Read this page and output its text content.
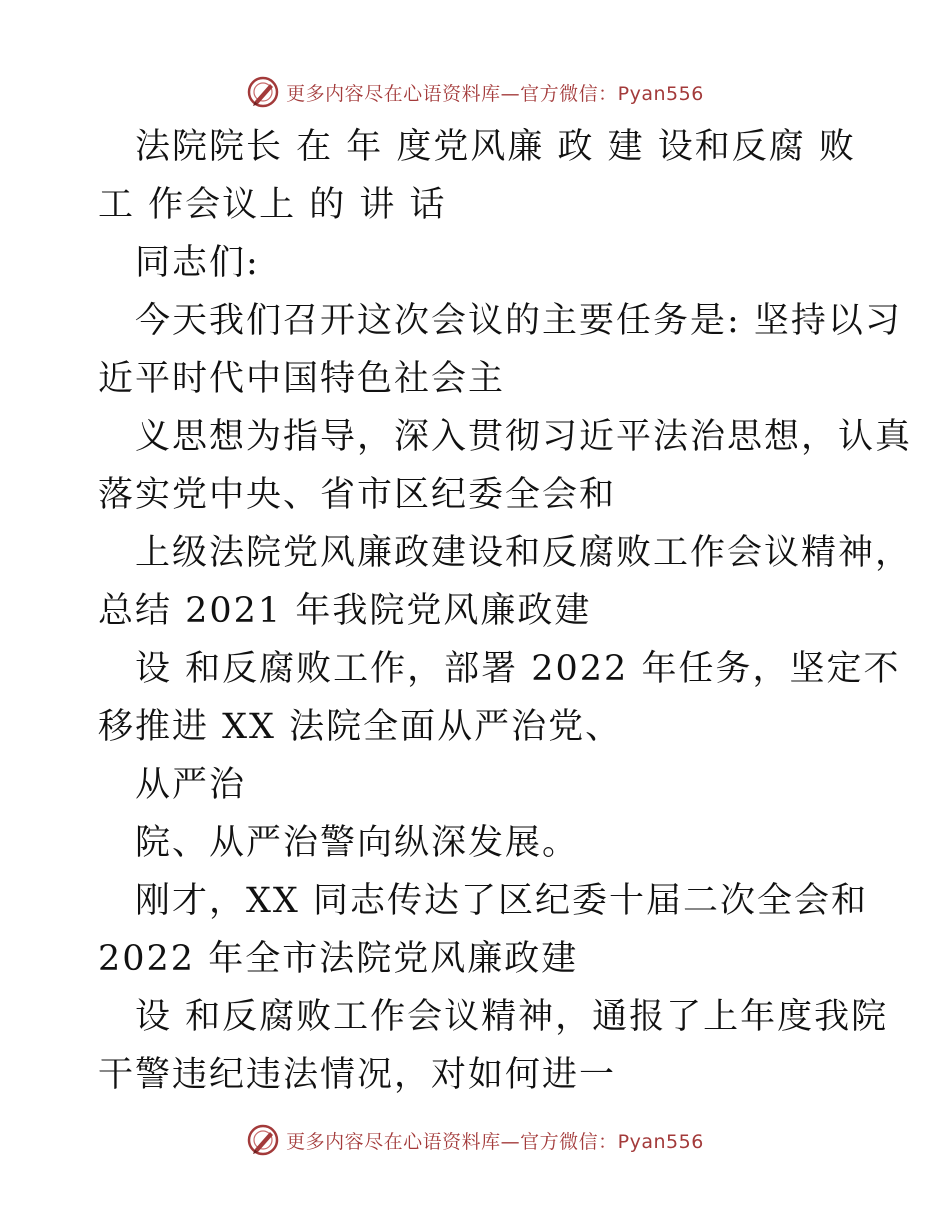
更多内容尽在心语资料库—官方微信：Pyan556
法院院长 在 年 度党风廉 政 建 设和反腐 败
工 作会议上 的 讲 话
同志们:
今天我们召开这次会议的主要任务是: 坚持以习
近平时代中国特色社会主
义思想为指导，深入贯彻习近平法治思想，认真
落实党中央、省市区纪委全会和
上级法院党风廉政建设和反腐败工作会议精神，
总结 2021 年我院党风廉政建
设 和反腐败工作，部署 2022 年任务，坚定不
移推进 XX 法院全面从严治党、
从严治
院、从严治警向纵深发展。
刚才，XX 同志传达了区纪委十届二次全会和
2022 年全市法院党风廉政建
设 和反腐败工作会议精神，通报了上年度我院
干警违纪违法情况，对如何进一
更多内容尽在心语资料库—官方微信：Pyan556
